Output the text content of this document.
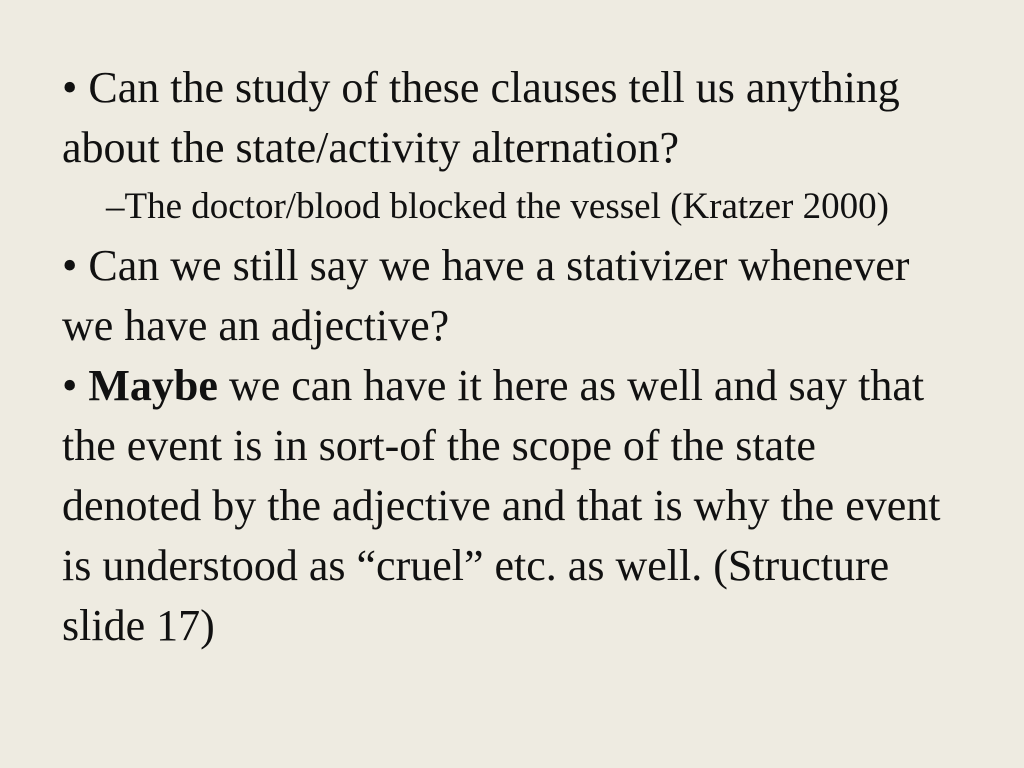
• Can the study of these clauses tell us anything about the state/activity alternation?

–The doctor/blood blocked the vessel (Kratzer 2000)

• Can we still say we have a stativizer whenever we have an adjective?

• Maybe we can have it here as well and say that the event is in sort-of the scope of the state denoted by the adjective and that is why the event is understood as “cruel” etc. as well. (Structure slide 17)
